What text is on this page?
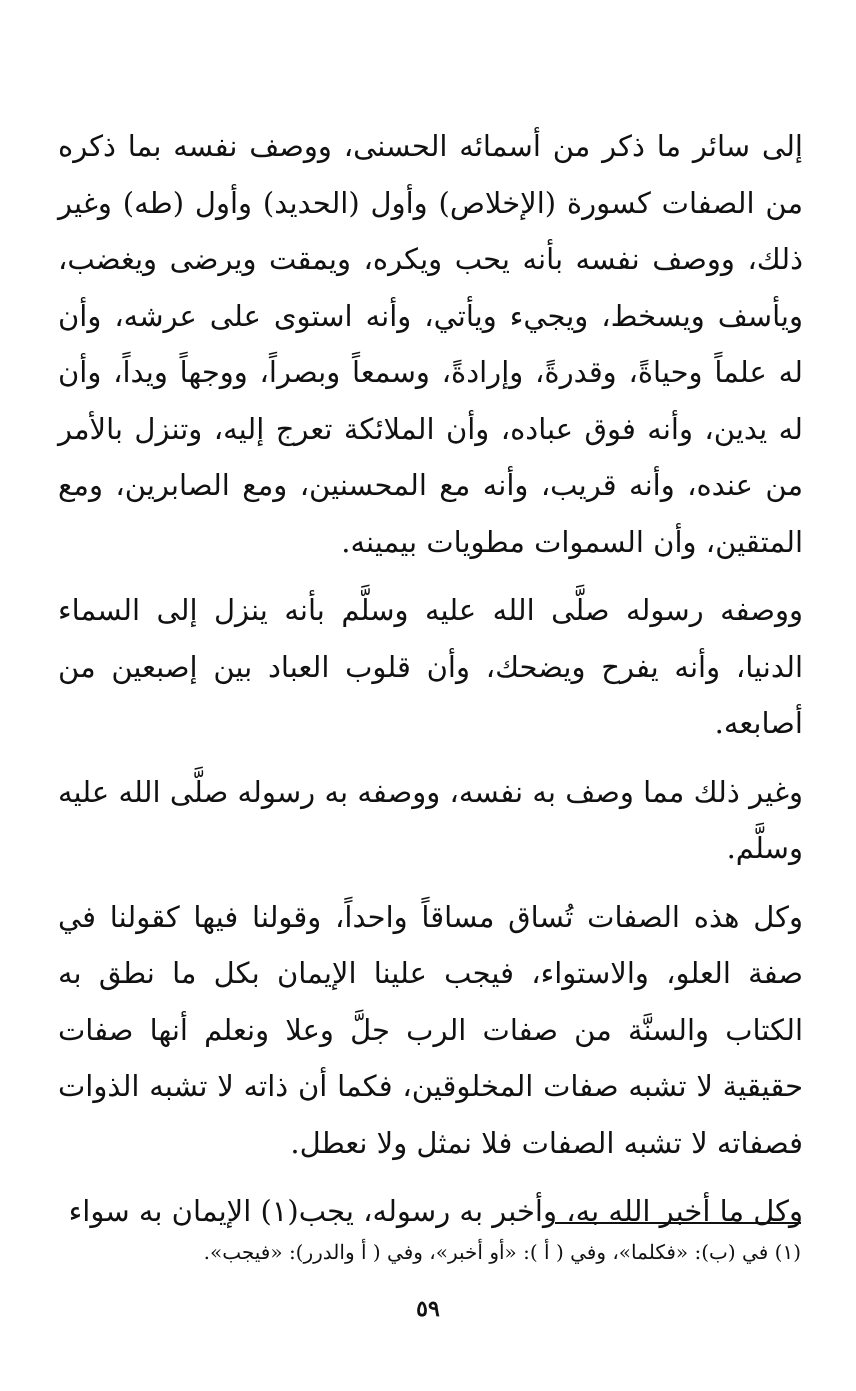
إلى سائر ما ذكر من أسمائه الحسنى، ووصف نفسه بما ذكره من الصفات كسورة (الإخلاص) وأول (الحديد) وأول (طه) وغير ذلك، ووصف نفسه بأنه يحب ويكره، ويمقت ويرضى ويغضب، ويأسف ويسخط، ويجيء ويأتي، وأنه استوى على عرشه، وأن له علماً وحياةً، وقدرةً، وإرادةً، وسمعاً وبصراً، ووجهاً ويداً، وأن له يدين، وأنه فوق عباده، وأن الملائكة تعرج إليه، وتنزل بالأمر من عنده، وأنه قريب، وأنه مع المحسنين، ومع الصابرين، ومع المتقين، وأن السموات مطويات بيمينه.

ووصفه رسوله صلَّى الله عليه وسلَّم بأنه ينزل إلى السماء الدنيا، وأنه يفرح ويضحك، وأن قلوب العباد بين إصبعين من أصابعه.

وغير ذلك مما وصف به نفسه، ووصفه به رسوله صلَّى الله عليه وسلَّم.

وكل هذه الصفات تُساق مساقاً واحداً، وقولنا فيها كقولنا في صفة العلو، والاستواء، فيجب علينا الإيمان بكل ما نطق به الكتاب والسنَّة من صفات الرب جلَّ وعلا ونعلم أنها صفات حقيقية لا تشبه صفات المخلوقين، فكما أن ذاته لا تشبه الذوات فصفاته لا تشبه الصفات فلا نمثل ولا نعطل.

وكل ما أخبر الله به، وأخبر به رسوله، يجب(١) الإيمان به سواء

(١) في (ب): «فكلما»، وفي ( أ ): «أو أخبر»، وفي ( أ والدرر): «فيجب».

٥٩
